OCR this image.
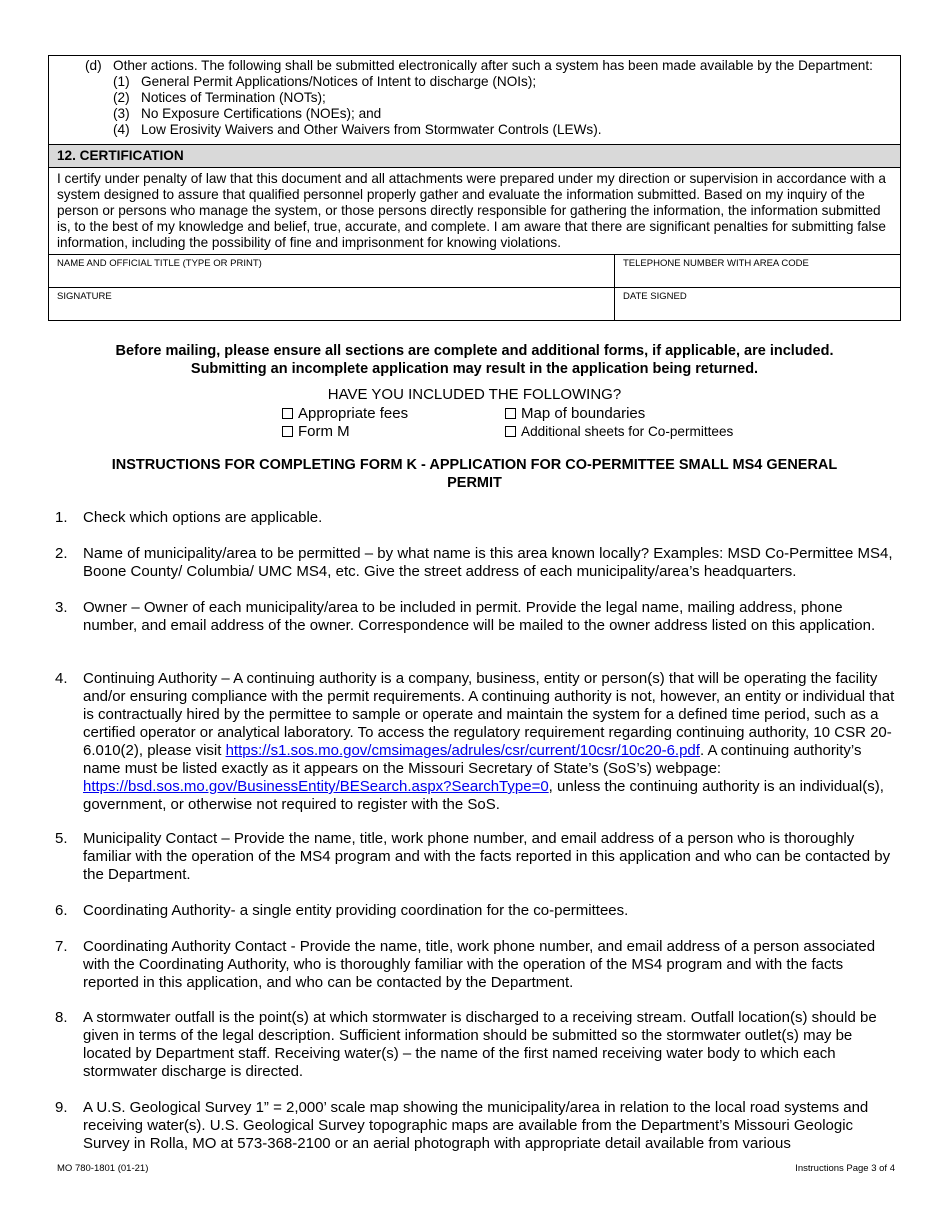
(d) Other actions. The following shall be submitted electronically after such a system has been made available by the Department:
(1) General Permit Applications/Notices of Intent to discharge (NOIs);
(2) Notices of Termination (NOTs);
(3) No Exposure Certifications (NOEs); and
(4) Low Erosivity Waivers and Other Waivers from Stormwater Controls (LEWs).
12. CERTIFICATION
I certify under penalty of law that this document and all attachments were prepared under my direction or supervision in accordance with a system designed to assure that qualified personnel properly gather and evaluate the information submitted. Based on my inquiry of the person or persons who manage the system, or those persons directly responsible for gathering the information, the information submitted is, to the best of my knowledge and belief, true, accurate, and complete. I am aware that there are significant penalties for submitting false information, including the possibility of fine and imprisonment for knowing violations.
NAME AND OFFICIAL TITLE (TYPE OR PRINT)	TELEPHONE NUMBER WITH AREA CODE
SIGNATURE	DATE SIGNED
Before mailing, please ensure all sections are complete and additional forms, if applicable, are included.
Submitting an incomplete application may result in the application being returned.
HAVE YOU INCLUDED THE FOLLOWING?
Appropriate fees	Map of boundaries
Form M	Additional sheets for Co-permittees
INSTRUCTIONS FOR COMPLETING FORM K - APPLICATION FOR CO-PERMITTEE SMALL MS4 GENERAL
PERMIT
1.	Check which options are applicable.
2.	Name of municipality/area to be permitted – by what name is this area known locally? Examples: MSD Co-Permittee MS4, Boone County/ Columbia/ UMC MS4, etc. Give the street address of each municipality/area’s headquarters.
3.	Owner – Owner of each municipality/area to be included in permit. Provide the legal name, mailing address, phone number, and email address of the owner. Correspondence will be mailed to the owner address listed on this application.
4.	Continuing Authority – A continuing authority is a company, business, entity or person(s) that will be operating the facility and/or ensuring compliance with the permit requirements. A continuing authority is not, however, an entity or individual that is contractually hired by the permittee to sample or operate and maintain the system for a defined time period, such as a certified operator or analytical laboratory. To access the regulatory requirement regarding continuing authority, 10 CSR 20-6.010(2), please visit https://s1.sos.mo.gov/cmsimages/adrules/csr/current/10csr/10c20-6.pdf. A continuing authority’s name must be listed exactly as it appears on the Missouri Secretary of State’s (SoS’s) webpage: https://bsd.sos.mo.gov/BusinessEntity/BESearch.aspx?SearchType=0, unless the continuing authority is an individual(s), government, or otherwise not required to register with the SoS.
5.	Municipality Contact – Provide the name, title, work phone number, and email address of a person who is thoroughly familiar with the operation of the MS4 program and with the facts reported in this application and who can be contacted by the Department.
6.	Coordinating Authority- a single entity providing coordination for the co-permittees.
7.	Coordinating Authority Contact - Provide the name, title, work phone number, and email address of a person associated with the Coordinating Authority, who is thoroughly familiar with the operation of the MS4 program and with the facts reported in this application, and who can be contacted by the Department.
8.	A stormwater outfall is the point(s) at which stormwater is discharged to a receiving stream. Outfall location(s) should be given in terms of the legal description. Sufficient information should be submitted so the stormwater outlet(s) may be located by Department staff. Receiving water(s) – the name of the first named receiving water body to which each stormwater discharge is directed.
9.	A U.S. Geological Survey 1” = 2,000’ scale map showing the municipality/area in relation to the local road systems and receiving water(s). U.S. Geological Survey topographic maps are available from the Department’s Missouri Geologic Survey in Rolla, MO at 573-368-2100 or an aerial photograph with appropriate detail available from various
MO 780-1801 (01-21)	Instructions Page 3 of 4
